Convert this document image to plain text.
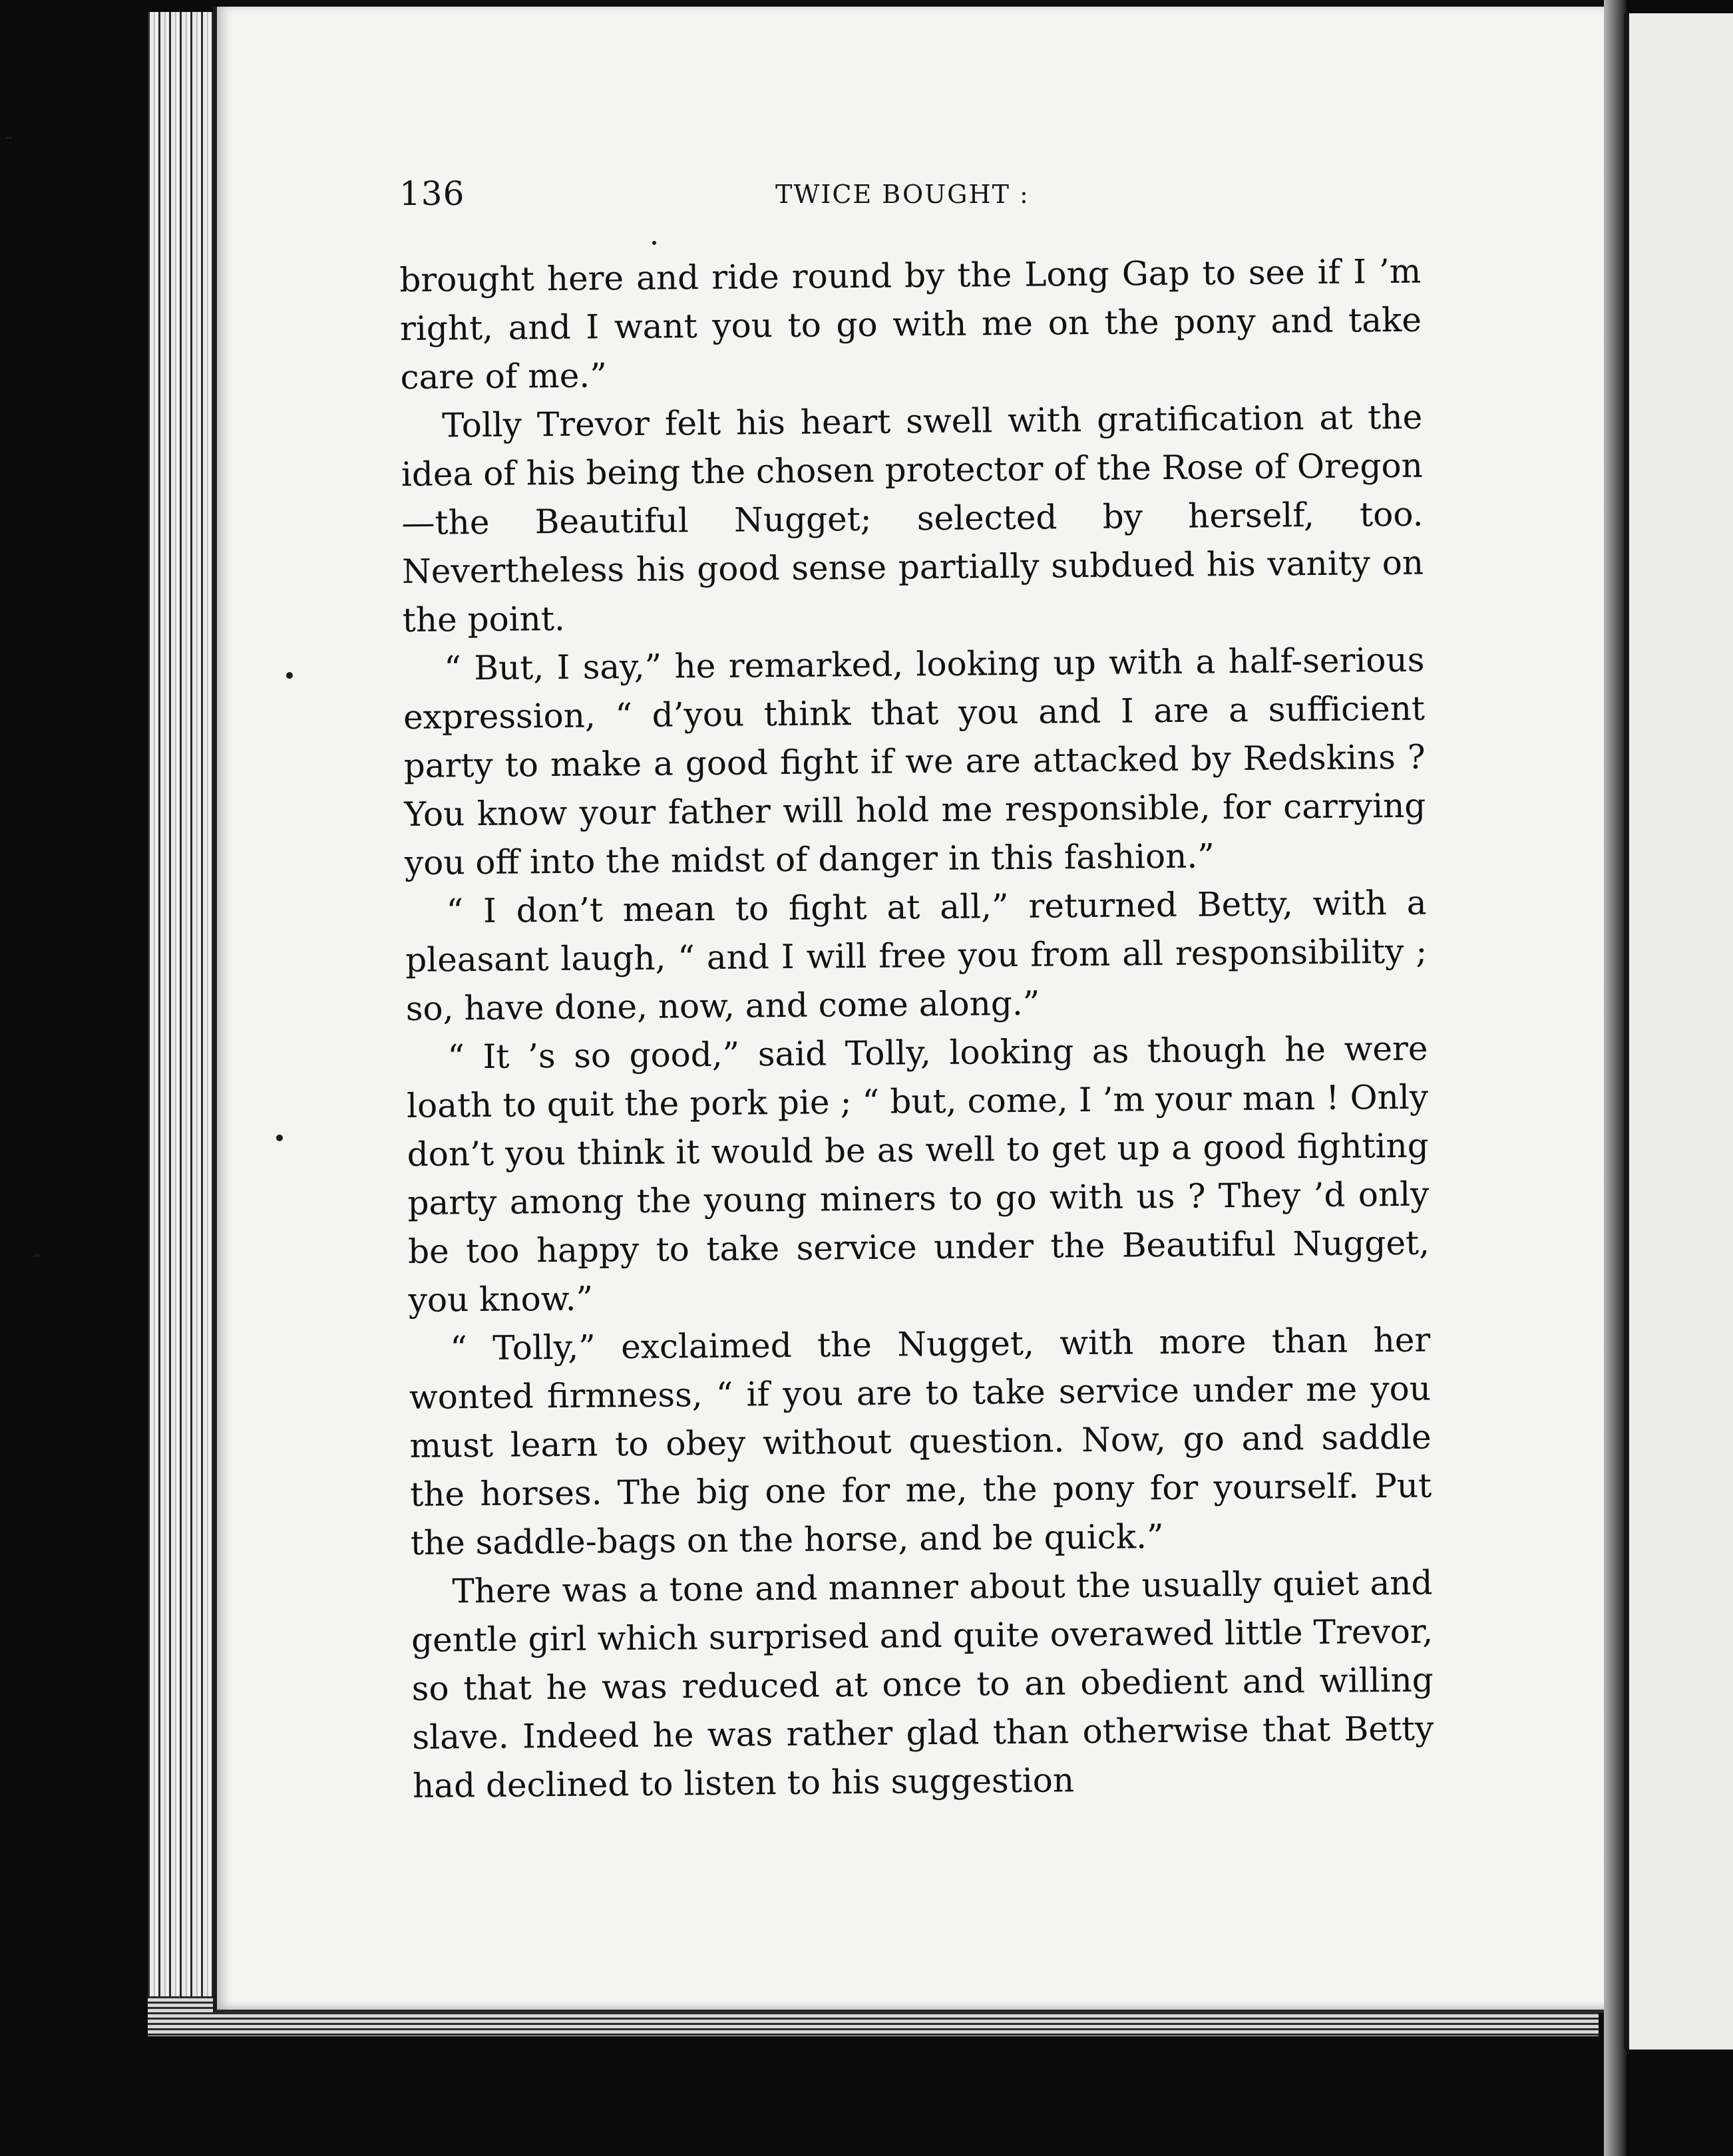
136	TWICE BOUGHT :

brought here and ride round by the Long Gap to see if I ’m right, and I want you to go with me on the pony and take care of me.”

Tolly Trevor felt his heart swell with gratification at the idea of his being the chosen protector of the Rose of Oregon—the Beautiful Nugget; selected by herself, too. Nevertheless his good sense partially subdued his vanity on the point.

“ But, I say,” he remarked, looking up with a half-serious expression, “ d’you think that you and I are a sufficient party to make a good fight if we are attacked by Redskins ? You know your father will hold me responsible, for carrying you off into the midst of danger in this fashion.”

“ I don’t mean to fight at all,” returned Betty, with a pleasant laugh, “ and I will free you from all responsibility ; so, have done, now, and come along.”

“ It ’s so good,” said Tolly, looking as though he were loath to quit the pork pie ; “ but, come, I ’m your man ! Only don’t you think it would be as well to get up a good fighting party among the young miners to go with us ? They ’d only be too happy to take service under the Beautiful Nugget, you know.”

“ Tolly,” exclaimed the Nugget, with more than her wonted firmness, “ if you are to take service under me you must learn to obey without question. Now, go and saddle the horses. The big one for me, the pony for yourself. Put the saddle-bags on the horse, and be quick.”

There was a tone and manner about the usually quiet and gentle girl which surprised and quite overawed little Trevor, so that he was reduced at once to an obedient and willing slave. Indeed he was rather glad than otherwise that Betty had declined to listen to his suggestion
